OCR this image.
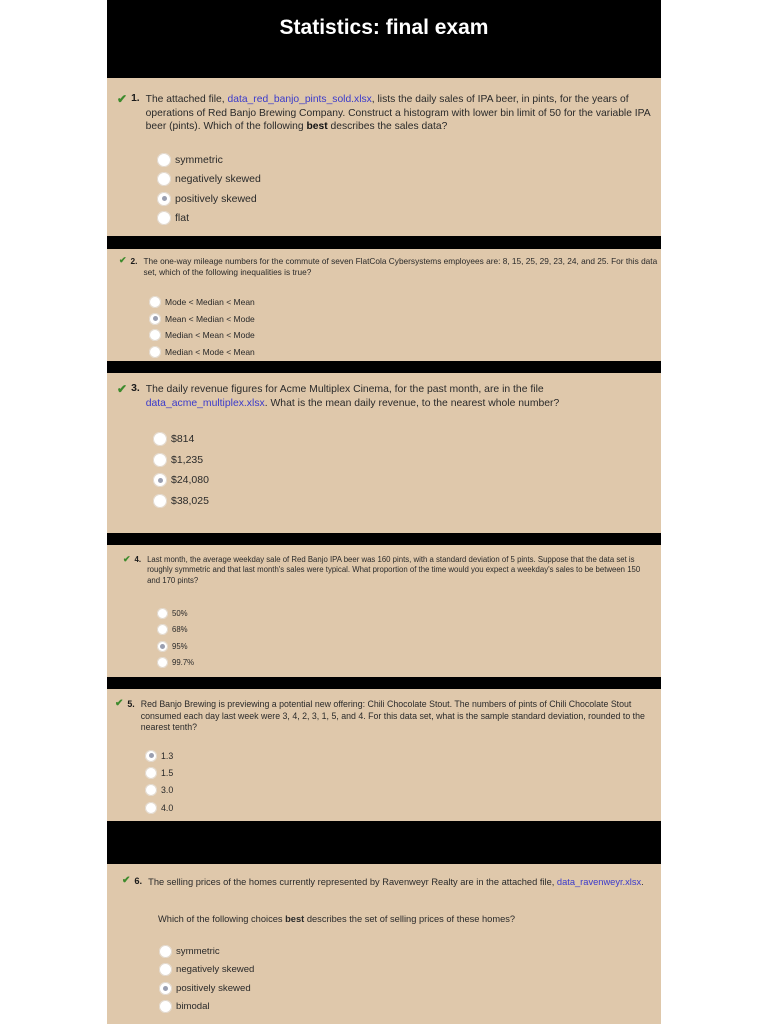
Statistics: final exam
✔ 1. The attached file, data_red_banjo_pints_sold.xlsx, lists the daily sales of IPA beer, in pints, for the years of operations of Red Banjo Brewing Company. Construct a histogram with lower bin limit of 50 for the variable IPA beer (pints). Which of the following best describes the sales data?
symmetric
negatively skewed
positively skewed
flat
✔ 2. The one-way mileage numbers for the commute of seven FlatCola Cybersystems employees are: 8, 15, 25, 29, 23, 24, and 25. For this data set, which of the following inequalities is true?
Mode < Median < Mean
Mean < Median < Mode
Median < Mean < Mode
Median < Mode < Mean
✔ 3. The daily revenue figures for Acme Multiplex Cinema, for the past month, are in the file data_acme_multiplex.xlsx. What is the mean daily revenue, to the nearest whole number?
$814
$1,235
$24,080
$38,025
✔ 4. Last month, the average weekday sale of Red Banjo IPA beer was 160 pints, with a standard deviation of 5 pints. Suppose that the data set is roughly symmetric and that last month's sales were typical. What proportion of the time would you expect a weekday's sales to be between 150 and 170 pints?
50%
68%
95%
99.7%
✔ 5. Red Banjo Brewing is previewing a potential new offering: Chili Chocolate Stout. The numbers of pints of Chili Chocolate Stout consumed each day last week were 3, 4, 2, 3, 1, 5, and 4. For this data set, what is the sample standard deviation, rounded to the nearest tenth?
1.3
1.5
3.0
4.0
✔ 6. The selling prices of the homes currently represented by Ravenweyr Realty are in the attached file, data_ravenweyr.xlsx.
Which of the following choices best describes the set of selling prices of these homes?
symmetric
negatively skewed
positively skewed
bimodal
